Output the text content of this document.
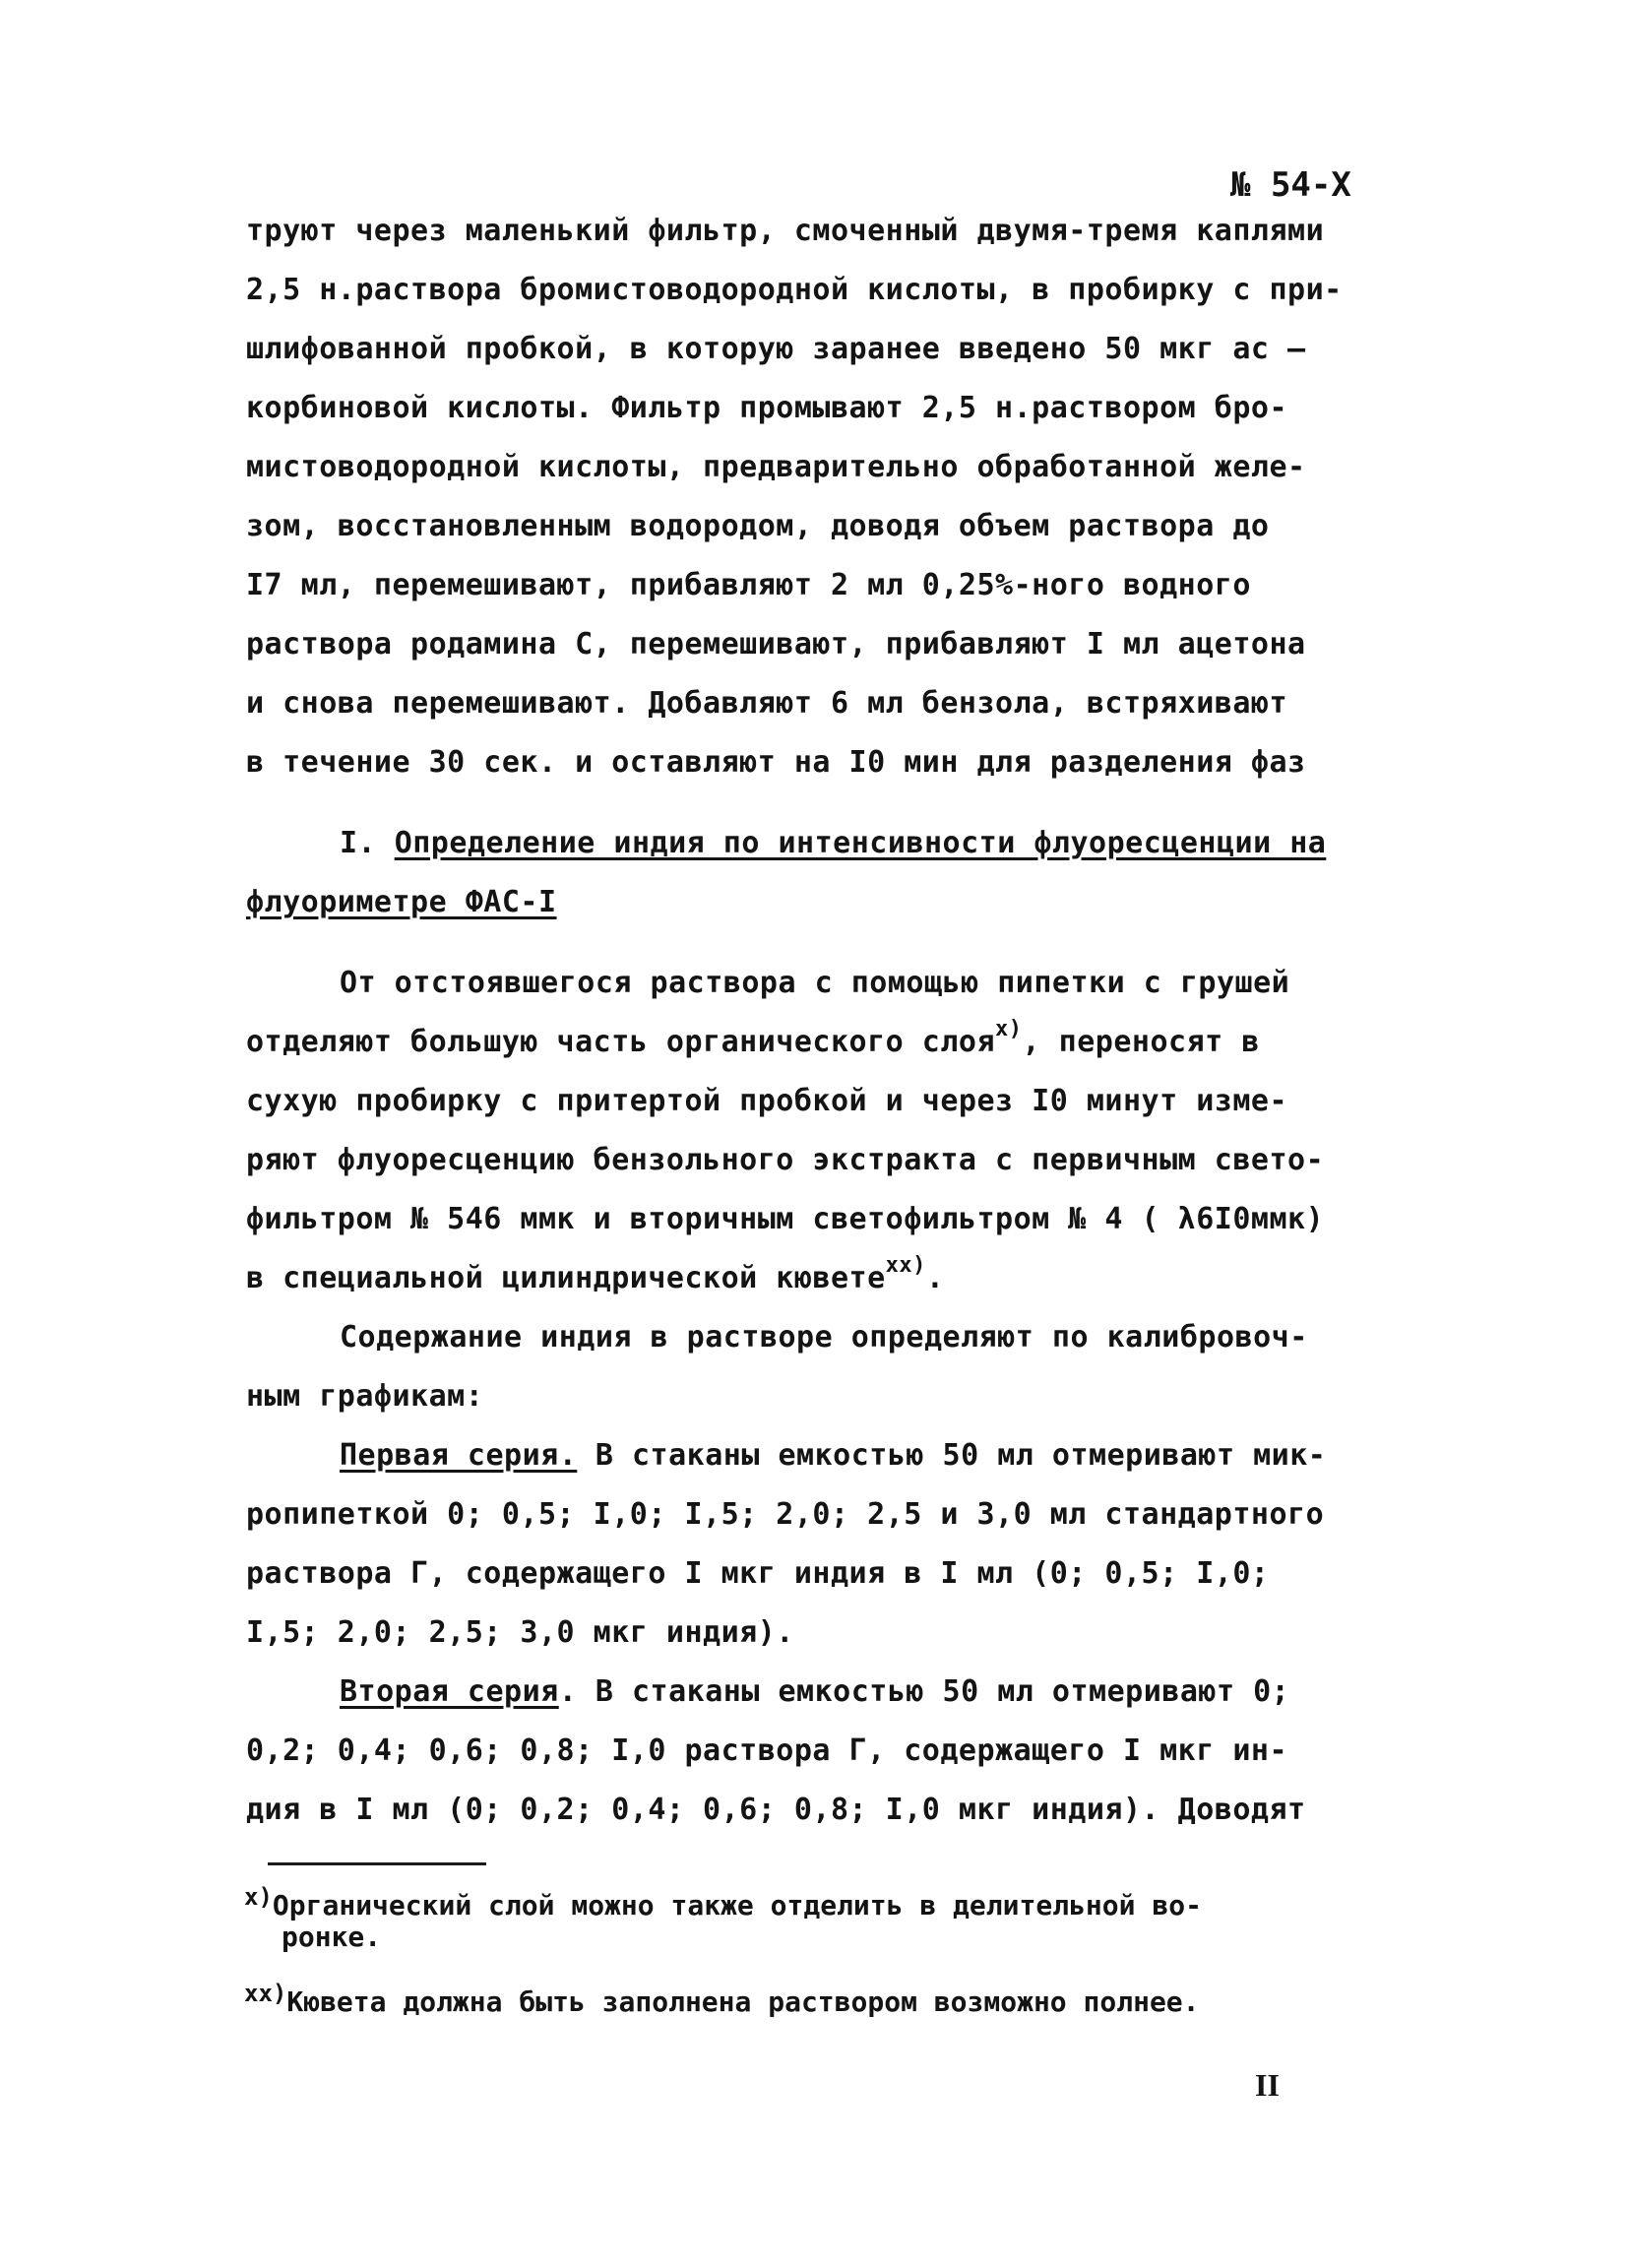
№ 54-Х
труют через маленький фильтр, смоченный двумя-тремя каплями
2,5 н.раствора бромистоводородной кислоты, в пробирку с при-
шлифованной пробкой, в которую заранее введено 50 мкг ас —
корбиновой кислоты. Фильтр промывают 2,5 н.раствором бро-
мистоводородной кислоты, предварительно обработанной желе-
зом, восстановленным водородом, доводя объем раствора до
I7 мл, перемешивают, прибавляют 2 мл 0,25%-ного водного
раствора родамина С, перемешивают, прибавляют I мл ацетона
и снова перемешивают. Добавляют 6 мл бензола, встряхивают
в течение 30 сек. и оставляют на I0 мин для разделения фаз
I. Определение индия по интенсивности флуоресценции на
флуориметре ФАС-I
От отстоявшегося раствора с помощью пипетки с грушей
отделяют большую часть органического слоя$^{х)}$, переносят в
сухую пробирку с притертой пробкой и через I0 минут изме-
ряют флуоресценцию бензольного экстракта с первичным свето-
фильтром № 546 ммк и вторичным светофильтром № 4 ( λ6I0ммк)
в специальной цилиндрической кювете$^{хх)}$.
Содержание индия в растворе определяют по калибровоч-
ным графикам:
Первая серия. В стаканы емкостью 50 мл отмеривают мик-
ропипеткой 0; 0,5; I,0; I,5; 2,0; 2,5 и 3,0 мл стандартного
раствора Г, содержащего I мкг индия в I мл (0; 0,5; I,0;
I,5; 2,0; 2,5; 3,0 мкг индия).
Вторая серия. В стаканы емкостью 50 мл отмеривают 0;
0,2; 0,4; 0,6; 0,8; I,0 раствора Г, содержащего I мкг ин-
дия в I мл (0; 0,2; 0,4; 0,6; 0,8; I,0 мкг индия). Доводят
х)Органический слой можно также отделить в делительной во-
ронке.
хх)Кювета должна быть заполнена раствором возможно полнее.
II
